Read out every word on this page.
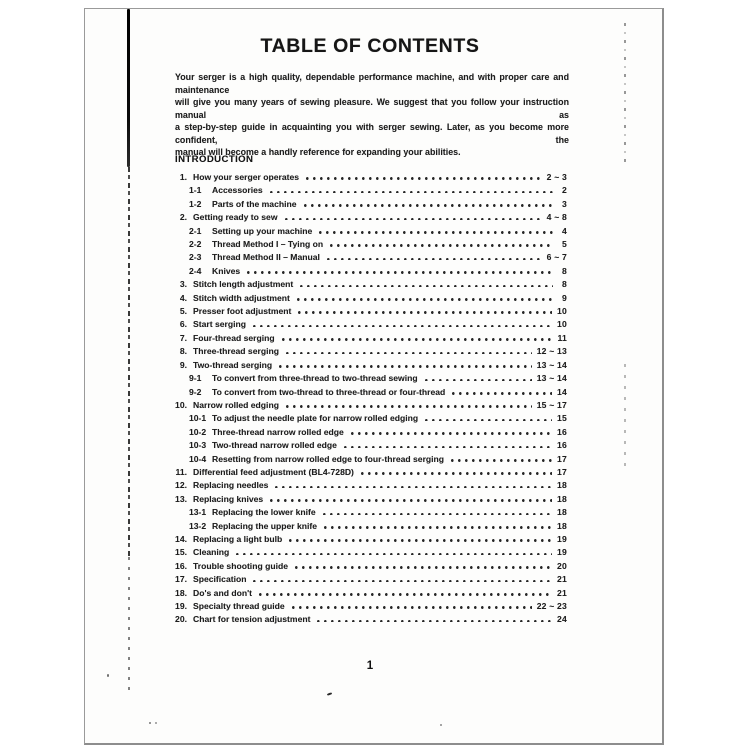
TABLE OF CONTENTS
Your serger is a high quality, dependable performance machine, and with proper care and maintenance
will give you many years of sewing pleasure. We suggest that you follow your instruction manual as
a step-by-step guide in acquainting you with serger sewing. Later, as you become more confident, the
manual will become a handly reference for expanding your abilities.
INTRODUCTION
1. How your serger operates	2 ~ 3
1-1	Accessories	2
1-2	Parts of the machine	3
2. Getting ready to sew	4 ~ 8
2-1	Setting up your machine	4
2-2	Thread Method I – Tying on	5
2-3	Thread Method II – Manual	6 ~ 7
2-4	Knives	8
3. Stitch length adjustment	8
4. Stitch width adjustment	9
5. Presser foot adjustment	10
6. Start serging	10
7. Four-thread serging	11
8. Three-thread serging	12 ~ 13
9. Two-thread serging	13 ~ 14
9-1	To convert from three-thread to two-thread sewing	13 ~ 14
9-2	To convert from two-thread to three-thread or four-thread	14
10. Narrow rolled edging	15 ~ 17
10-1 To adjust the needle plate for narrow rolled edging	15
10-2 Three-thread narrow rolled edge	16
10-3 Two-thread narrow rolled edge	16
10-4 Resetting from narrow rolled edge to four-thread serging	17
11. Differential feed adjustment (BL4-728D)	17
12. Replacing needles	18
13. Replacing knives	18
13-1 Replacing the lower knife	18
13-2 Replacing the upper knife	18
14. Replacing a light bulb	19
15. Cleaning	19
16. Trouble shooting guide	20
17. Specification	21
18. Do's and don't	21
19. Specialty thread guide	22 ~ 23
20. Chart for tension adjustment	24
1
